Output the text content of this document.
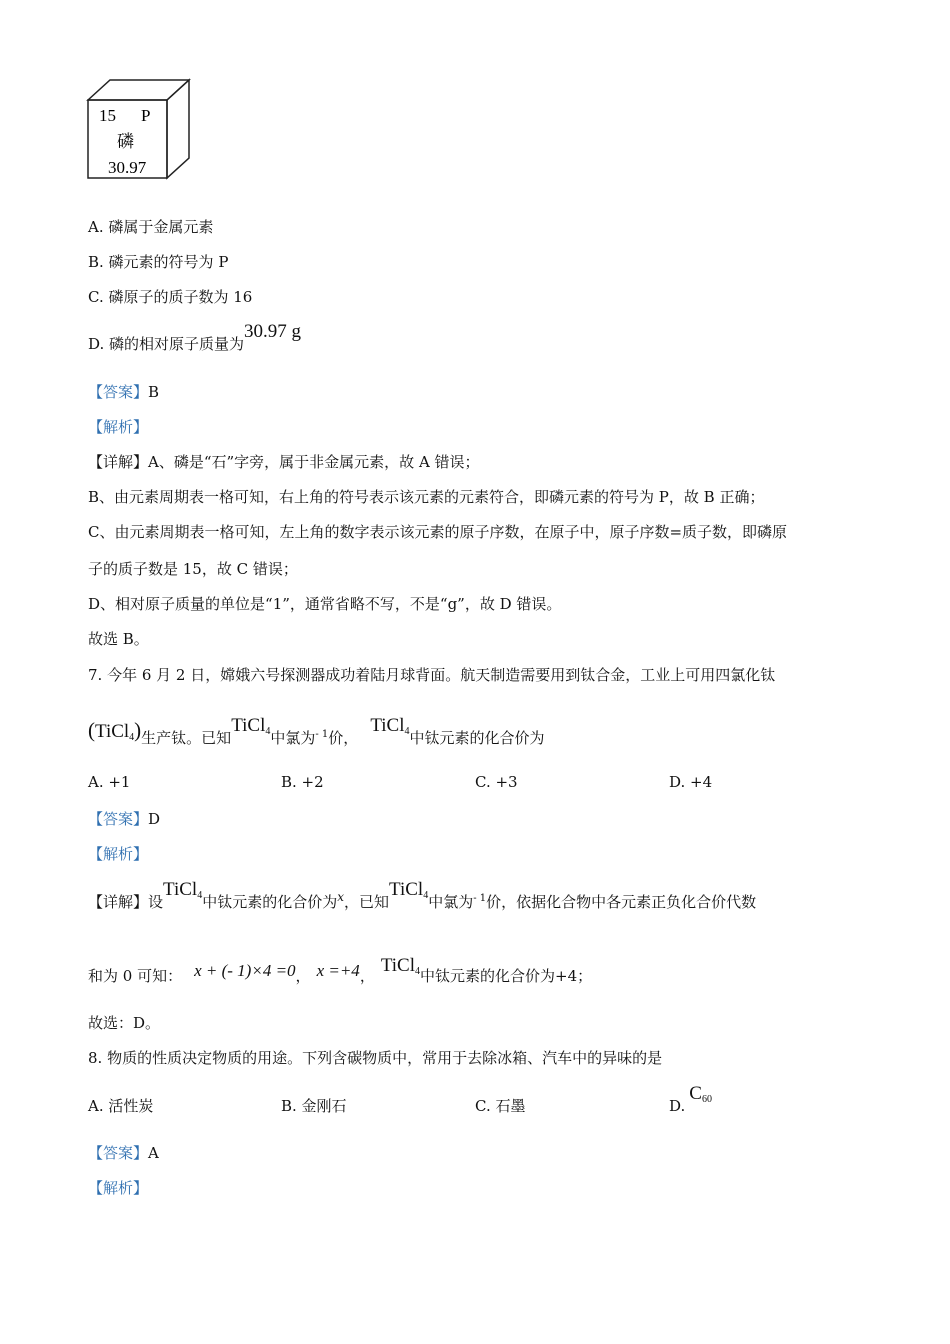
15 P
磷
30.97
A. 磷属于金属元素
B. 磷元素的符号为 P
C. 磷原子的质子数为 16
D. 磷的相对原子质量为30.97 g
【答案】B
【解析】
【详解】A、磷是“石”字旁，属于非金属元素，故 A 错误；
B、由元素周期表一格可知，右上角的符号表示该元素的元素符合，即磷元素的符号为 P，故 B 正确；
C、由元素周期表一格可知，左上角的数字表示该元素的原子序数，在原子中，原子序数=质子数，即磷原
子的质子数是 15，故 C 错误；
D、相对原子质量的单位是“1”，通常省略不写，不是“g”，故 D 错误。
故选 B。
7. 今年 6 月 2 日，嫦娥六号探测器成功着陆月球背面。航天制造需要用到钛合金，工业上可用四氯化钛
(TiCl$_4$)生产钛。已知TiCl$_4$中氯为$^{- 1}$价，TiCl$_4$中钛元素的化合价为
A. +1	B. +2	C. +3	D. +4
【答案】D
【解析】
【详解】设TiCl$_4$中钛元素的化合价为$^x$，已知TiCl$_4$中氯为$^{- 1}$价，依据化合物中各元素正负化合价代数
和为 0 可知： x + (- 1)×4 =0， x =+4， TiCl$_4$中钛元素的化合价为+4；
故选：D。
8. 物质的性质决定物质的用途。下列含碳物质中，常用于去除冰箱、汽车中的异味的是
A. 活性炭	B. 金刚石	C. 石墨	$D.C_{60}$
【答案】A
【解析】
